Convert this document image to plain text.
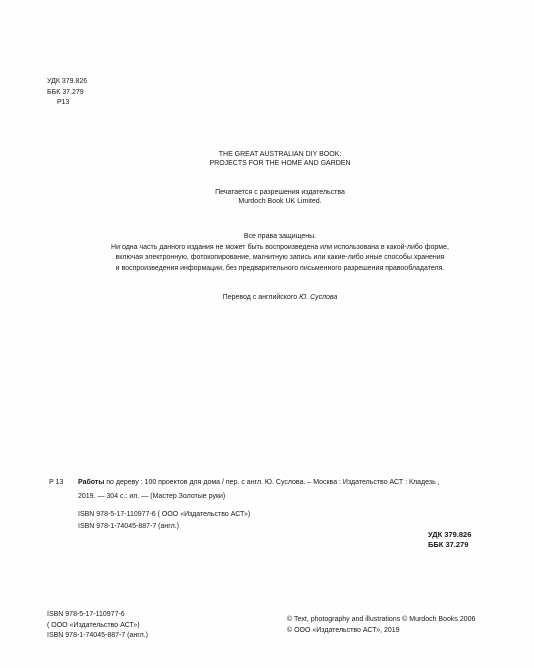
УДК 379.826
ББК 37.279
Р13
THE GREAT AUSTRALIAN DIY BOOK:
PROJECTS FOR THE HOME AND GARDEN
Печатается с разрешения издательства
Murdoch Book UK Limited.
Все права защищены.
Ни одна часть данного издания не может быть воспроизведена или использована в какой-либо форме,
включая электронную, фотокопирование, магнитную запись или какие-либо иные способы хранения
и воспроизведения информации, без предварительного письменного разрешения правообладателя.
Перевод с английского Ю. Суслова
Р 13 Работы по дереву : 100 проектов для дома / пер. с англ. Ю. Суслова. – Москва : Издательство АСТ : Кладезь ,
2019. — 304 с.: ил. — (Мастер Золотые руки)
ISBN 978-5-17-110977-6 ( ООО «Издательство АСТ»)
ISBN 978-1-74045-887-7 (англ.)
УДК 379.826
ББК 37.279
ISBN 978-5-17-110977-6
( ООО «Издательство АСТ»)
ISBN 978-1-74045-887-7 (англ.)
© Text, photography and illustrations © Murdoch Books 2006
© ООО «Издательство АСТ», 2019
